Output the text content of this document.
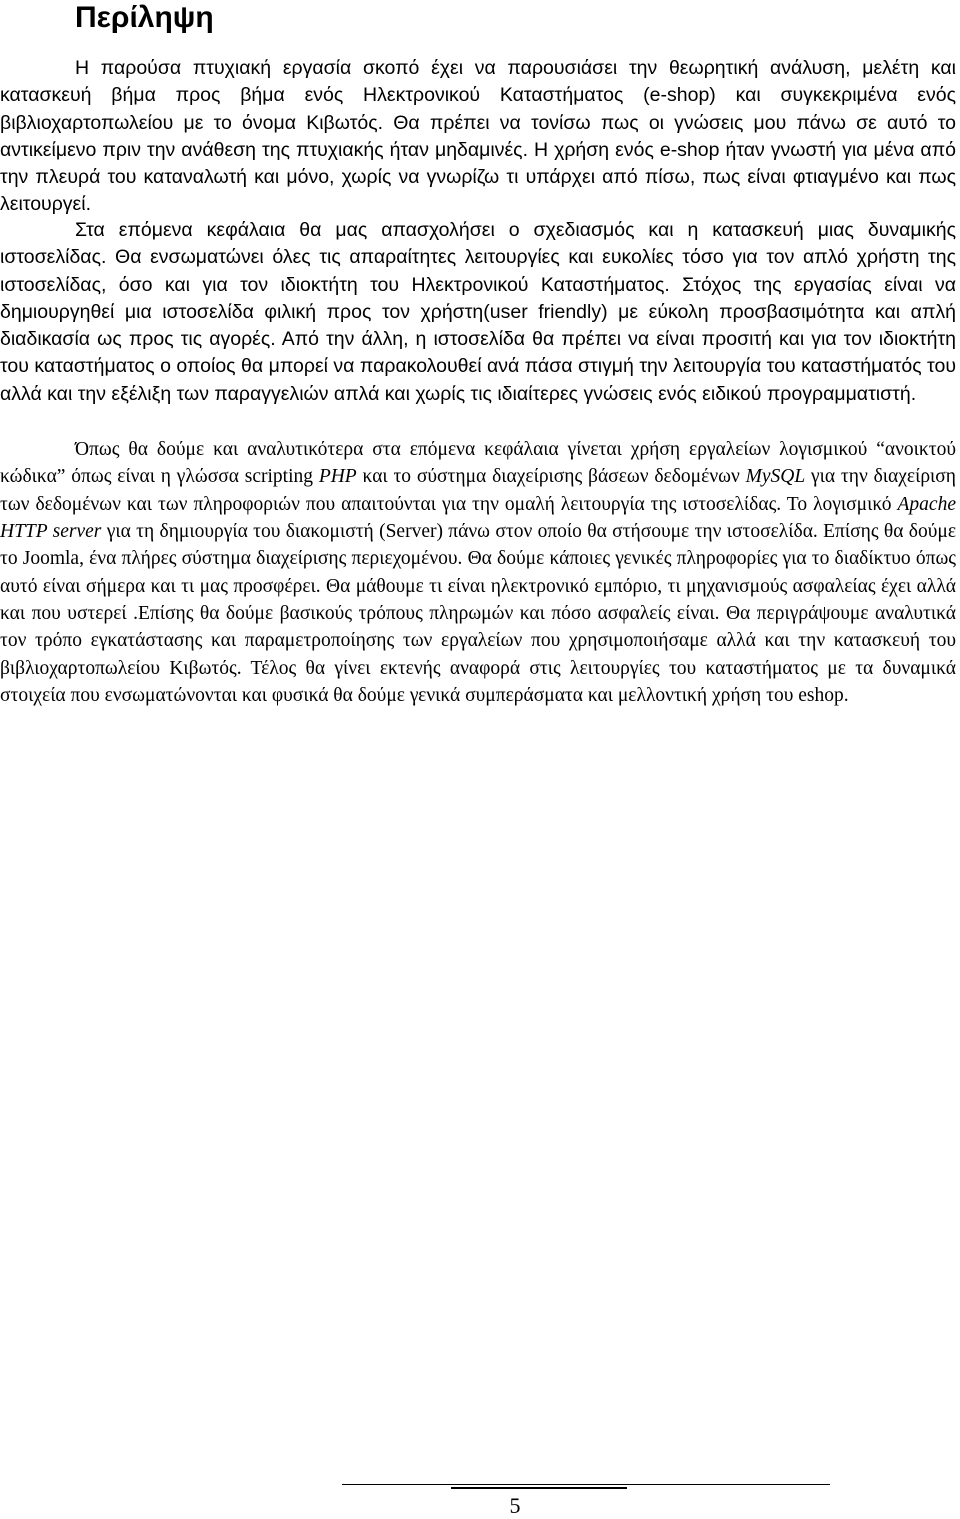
Περίληψη

Η παρούσα πτυχιακή εργασία σκοπό έχει να παρουσιάσει την θεωρητική ανάλυση, μελέτη και κατασκευή βήμα προς βήμα ενός Ηλεκτρονικού Καταστήματος (e-shop) και συγκεκριμένα ενός βιβλιοχαρτοπωλείου με το όνομα Κιβωτός. Θα πρέπει να τονίσω πως οι γνώσεις μου πάνω σε αυτό το αντικείμενο πριν την ανάθεση της πτυχιακής ήταν μηδαμινές. Η χρήση ενός e-shop ήταν γνωστή για μένα από την πλευρά του καταναλωτή και μόνο, χωρίς να γνωρίζω τι υπάρχει από πίσω, πως είναι φτιαγμένο και πως λειτουργεί.

Στα επόμενα κεφάλαια θα μας απασχολήσει ο σχεδιασμός και η κατασκευή μιας δυναμικής ιστοσελίδας. Θα ενσωματώνει όλες τις απαραίτητες λειτουργίες και ευκολίες τόσο για τον απλό χρήστη της ιστοσελίδας, όσο και για τον ιδιοκτήτη του Ηλεκτρονικού Καταστήματος. Στόχος της εργασίας είναι να δημιουργηθεί μια ιστοσελίδα φιλική προς τον χρήστη(user friendly) με εύκολη προσβασιμότητα και απλή διαδικασία ως προς τις αγορές. Από την άλλη, η ιστοσελίδα θα πρέπει να είναι προσιτή και για τον ιδιοκτήτη του καταστήματος ο οποίος θα μπορεί να παρακολουθεί ανά πάσα στιγμή την λειτουργία του καταστήματός του αλλά και την εξέλιξη των παραγγελιών απλά και χωρίς τις ιδιαίτερες γνώσεις ενός ειδικού προγραμματιστή.

Όπως θα δούμε και αναλυτικότερα στα επόμενα κεφάλαια γίνεται χρήση εργαλείων λογισμικού “ανοικτού κώδικα” όπως είναι η γλώσσα scripting PHP και το σύστημα διαχείρισης βάσεων δεδομένων MySQL για την διαχείριση των δεδομένων και των πληροφοριών που απαιτούνται για την ομαλή λειτουργία της ιστοσελίδας. Το λογισμικό Apache HTTP server για τη δημιουργία του διακομιστή (Server) πάνω στον οποίο θα στήσουμε την ιστοσελίδα. Επίσης θα δούμε το Joomla, ένα πλήρες σύστημα διαχείρισης περιεχομένου. Θα δούμε κάποιες γενικές πληροφορίες για το διαδίκτυο όπως αυτό είναι σήμερα και τι μας προσφέρει. Θα μάθουμε τι είναι ηλεκτρονικό εμπόριο, τι μηχανισμούς ασφαλείας έχει αλλά και που υστερεί .Επίσης θα δούμε βασικούς τρόπους πληρωμών και πόσο ασφαλείς είναι. Θα περιγράψουμε αναλυτικά τον τρόπο εγκατάστασης και παραμετροποίησης των εργαλείων που χρησιμοποιήσαμε αλλά και την κατασκευή του βιβλιοχαρτοπωλείου Κιβωτός. Τέλος θα γίνει εκτενής αναφορά στις λειτουργίες του καταστήματος με τα δυναμικά στοιχεία που ενσωματώνονται και φυσικά θα δούμε γενικά συμπεράσματα και μελλοντική χρήση του eshop.

5
